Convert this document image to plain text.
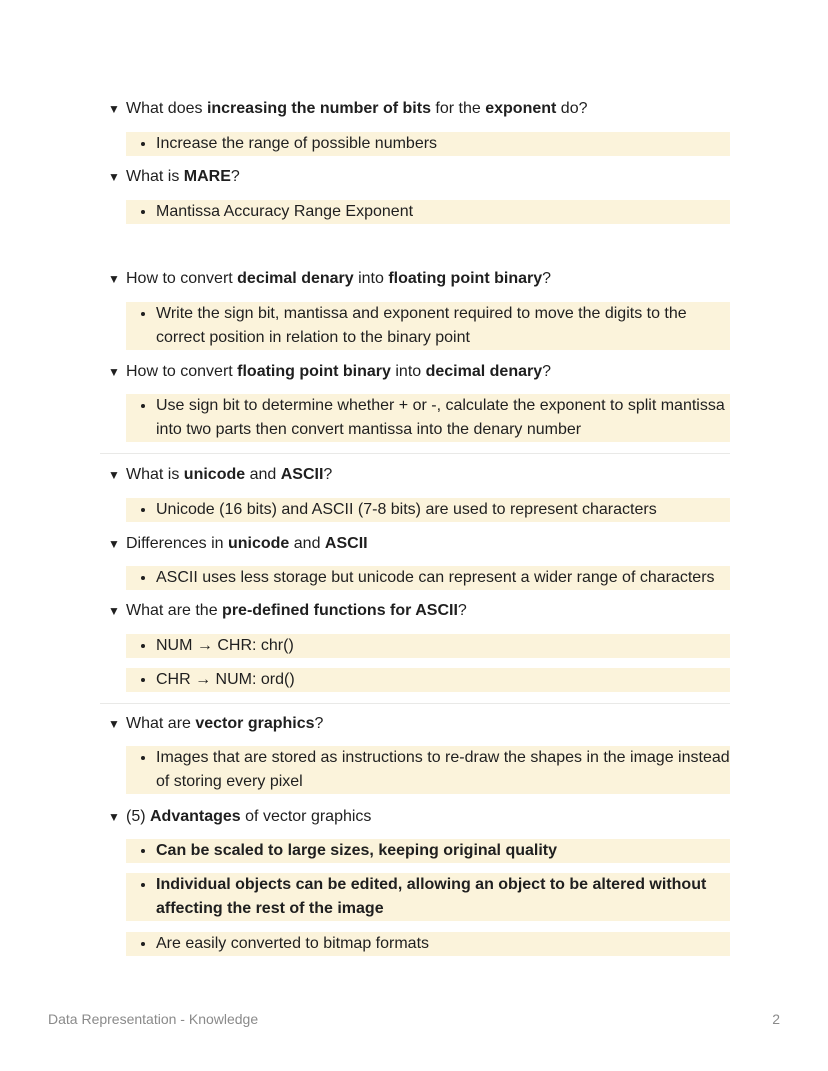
▼ What does increasing the number of bits for the exponent do?
• Increase the range of possible numbers
▼ What is MARE?
• Mantissa Accuracy Range Exponent
▼ How to convert decimal denary into floating point binary?
• Write the sign bit, mantissa and exponent required to move the digits to the correct position in relation to the binary point
▼ How to convert floating point binary into decimal denary?
• Use sign bit to determine whether + or -, calculate the exponent to split mantissa into two parts then convert mantissa into the denary number
▼ What is unicode and ASCII?
• Unicode (16 bits) and ASCII (7-8 bits) are used to represent characters
▼ Differences in unicode and ASCII
• ASCII uses less storage but unicode can represent a wider range of characters
▼ What are the pre-defined functions for ASCII?
• NUM → CHR: chr()
• CHR → NUM: ord()
▼ What are vector graphics?
• Images that are stored as instructions to re-draw the shapes in the image instead of storing every pixel
▼ (5) Advantages of vector graphics
• Can be scaled to large sizes, keeping original quality
• Individual objects can be edited, allowing an object to be altered without affecting the rest of the image
• Are easily converted to bitmap formats
Data Representation - Knowledge	2
